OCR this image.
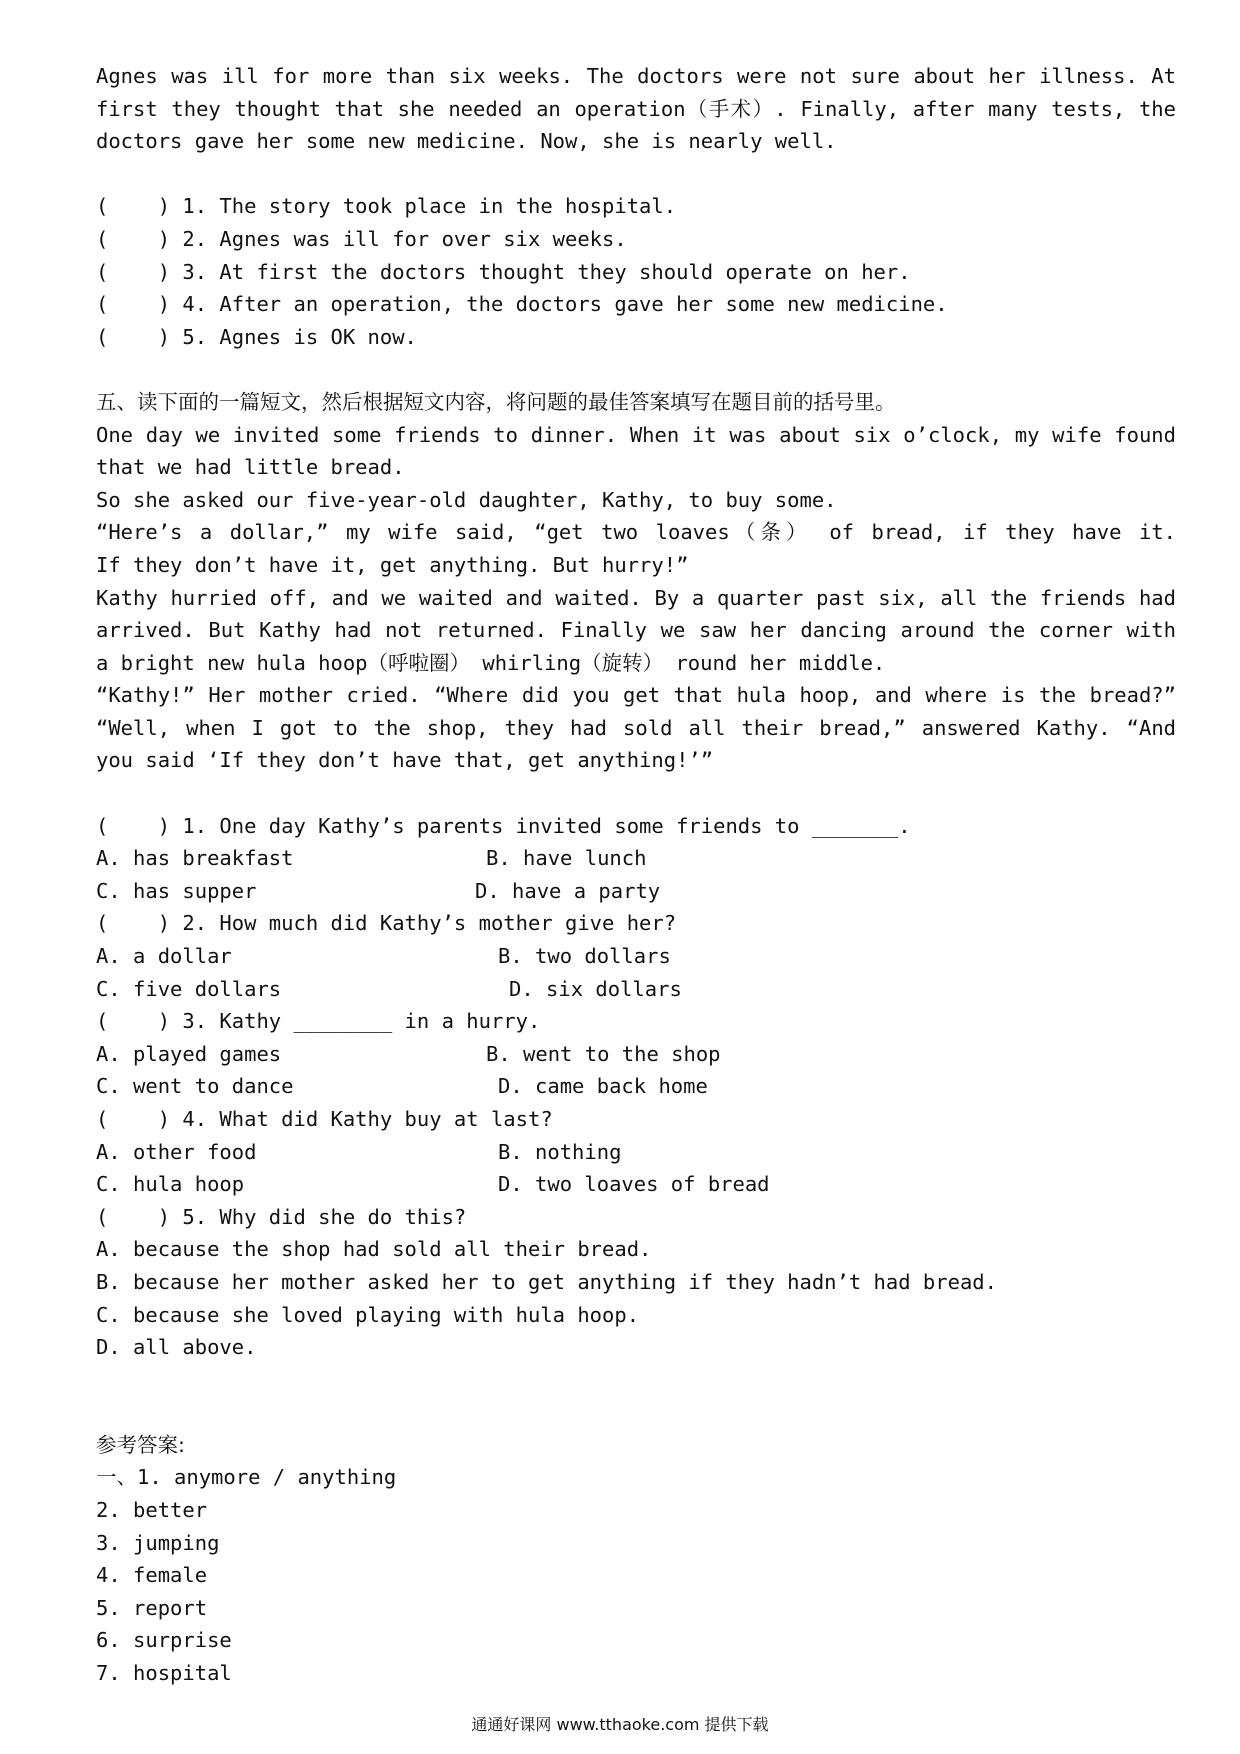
Agnes was ill for more than six weeks. The doctors were not sure about her illness. At
first they thought that she needed an operation（手术）. Finally, after many tests, the
doctors gave her some new medicine. Now, she is nearly well.
(    ) 1. The story took place in the hospital.
(    ) 2. Agnes was ill for over six weeks.
(    ) 3. At first the doctors thought they should operate on her.
(    ) 4. After an operation, the doctors gave her some new medicine.
(    ) 5. Agnes is OK now.
五、读下面的一篇短文，然后根据短文内容，将问题的最佳答案填写在题目前的括号里。
One day we invited some friends to dinner. When it was about six o’clock, my wife found
that we had little bread.
So she asked our five-year-old daughter, Kathy, to buy some.
“Here’s a dollar,” my wife said, “get two loaves（条） of bread, if they have it.
If they don’t have it, get anything. But hurry!”
Kathy hurried off, and we waited and waited. By a quarter past six, all the friends had
arrived. But Kathy had not returned. Finally we saw her dancing around the corner with
a bright new hula hoop（呼啦圈） whirling（旋转） round her middle.
“Kathy!” Her mother cried. “Where did you get that hula hoop, and where is the bread?”
“Well, when I got to the shop, they had sold all their bread,” answered Kathy. “And
you said ‘If they don’t have that, get anything!’”
(    ) 1. One day Kathy’s parents invited some friends to _______.

A. has breakfast

	B. have lunch

C. has supper

	D. have a party

(    ) 2. How much did Kathy’s mother give her?

A. a dollar

	B. two dollars

C. five dollars

	D. six dollars

(    ) 3. Kathy ________ in a hurry.

A. played games

	B. went to the shop

C. went to dance

	D. came back home

(    ) 4. What did Kathy buy at last?

A. other food

	B. nothing

C. hula hoop

	D. two loaves of bread

(    ) 5. Why did she do this?
A. because the shop had sold all their bread.
B. because her mother asked her to get anything if they hadn’t had bread.
C. because she loved playing with hula hoop.
D. all above.
参考答案:
一、1. anymore / anything
2. better
3. jumping
4. female
5. report
6. surprise
7. hospital
通通好课网 www.tthaoke.com 提供下载
